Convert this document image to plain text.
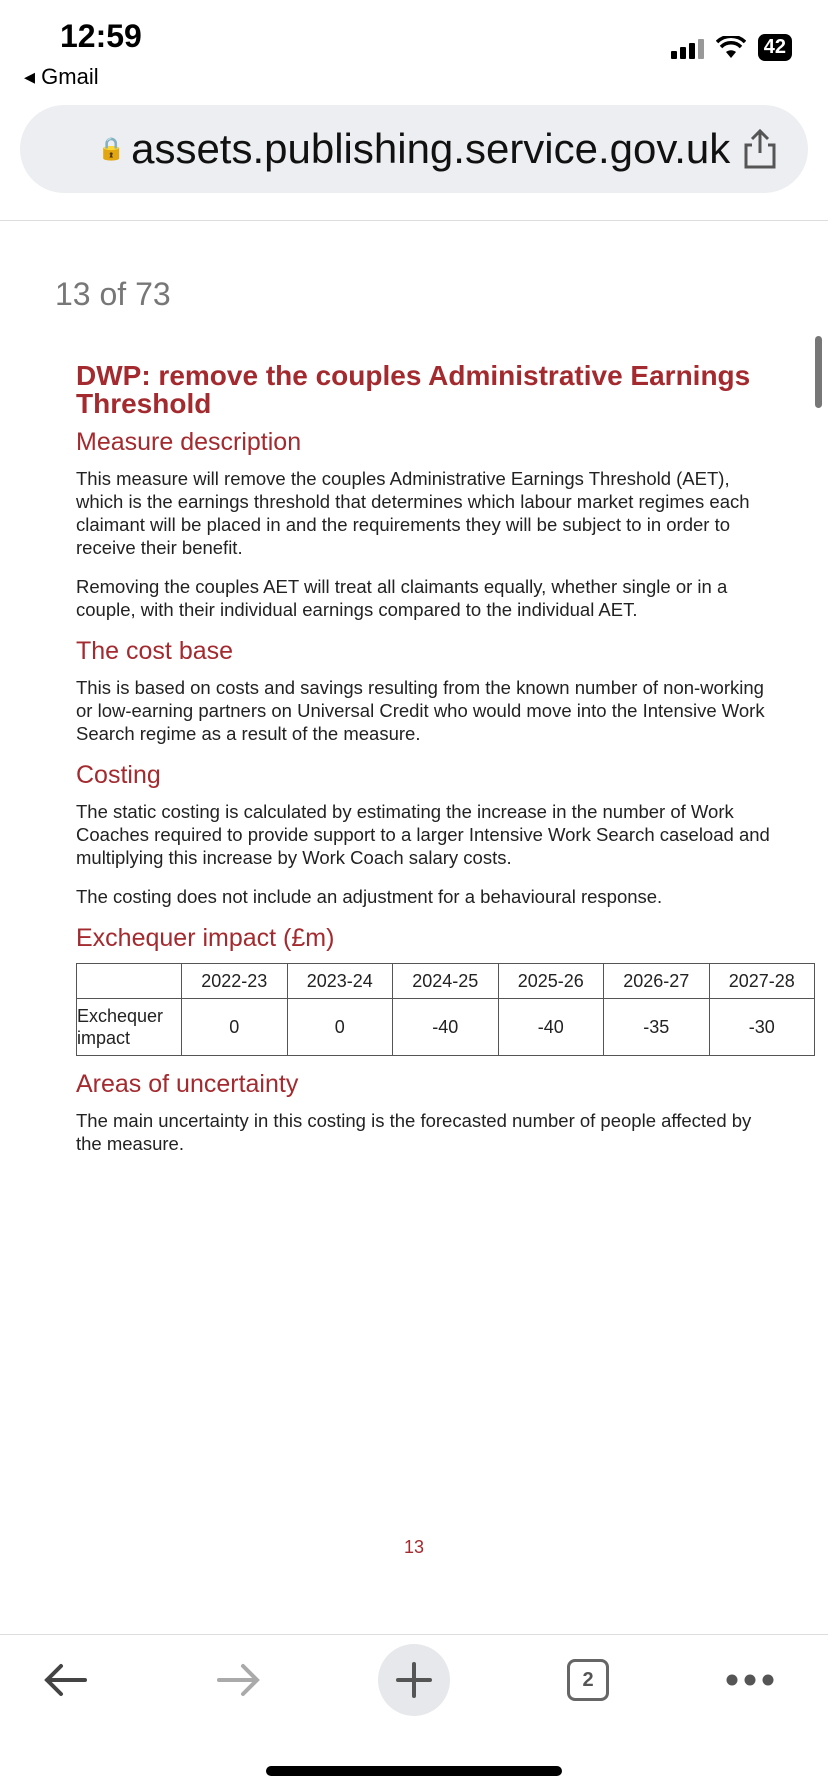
12:59
◂ Gmail
42
🔒 assets.publishing.service.gov.uk
13 of 73
DWP: remove the couples Administrative Earnings Threshold
Measure description

This measure will remove the couples Administrative Earnings Threshold (AET), which is the earnings threshold that determines which labour market regimes each claimant will be placed in and the requirements they will be subject to in order to receive their benefit.

Removing the couples AET will treat all claimants equally, whether single or in a couple, with their individual earnings compared to the individual AET.

The cost base

This is based on costs and savings resulting from the known number of non-working or low-earning partners on Universal Credit who would move into the Intensive Work Search regime as a result of the measure.

Costing

The static costing is calculated by estimating the increase in the number of Work Coaches required to provide support to a larger Intensive Work Search caseload and multiplying this increase by Work Coach salary costs.

The costing does not include an adjustment for a behavioural response.

Exchequer impact (£m)
	2022-23	2023-24	2024-25	2025-26	2026-27	2027-28
Exchequer impact	0	0	-40	-40	-35	-30
Areas of uncertainty

The main uncertainty in this costing is the forecasted number of people affected by the measure.

13
2
